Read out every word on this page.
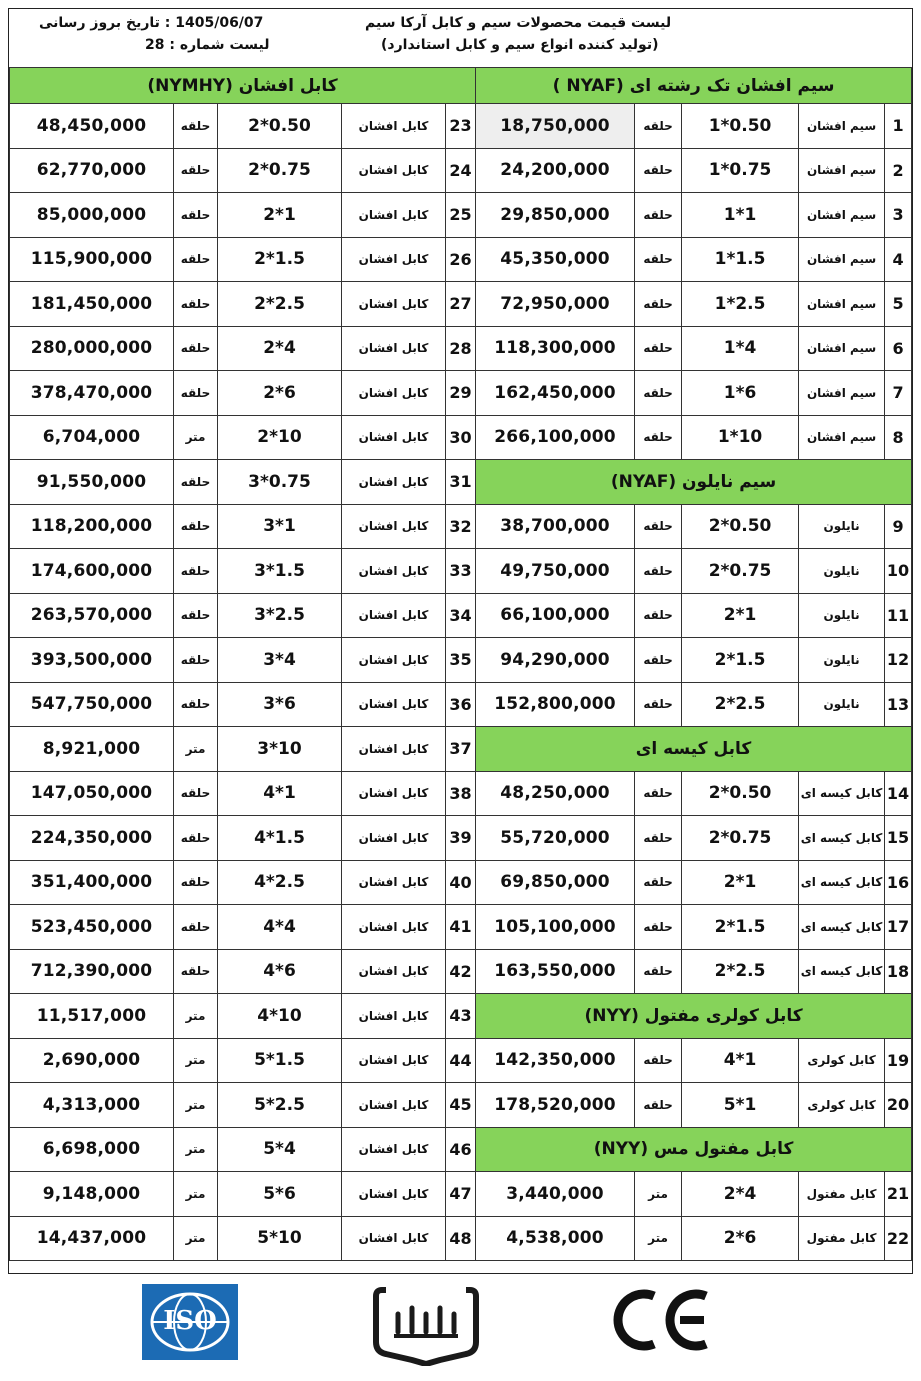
لیست قیمت محصولات سیم و کابل آرکا سیم
(تولید کننده انواع سیم و کابل استاندارد)
1405/06/07 : تاریخ بروز رسانی
لیست شماره : 28
کابل افشان (NYMHY)					سیم افشان تک رشته ای (NYAF )				
48,450,000	حلقه	2*0.50	کابل افشان	23	18,750,000	حلقه	1*0.50	سیم افشان	1
62,770,000	حلقه	2*0.75	کابل افشان	24	24,200,000	حلقه	1*0.75	سیم افشان	2
85,000,000	حلقه	2*1	کابل افشان	25	29,850,000	حلقه	1*1	سیم افشان	3
115,900,000	حلقه	2*1.5	کابل افشان	26	45,350,000	حلقه	1*1.5	سیم افشان	4
181,450,000	حلقه	2*2.5	کابل افشان	27	72,950,000	حلقه	1*2.5	سیم افشان	5
280,000,000	حلقه	2*4	کابل افشان	28	118,300,000	حلقه	1*4	سیم افشان	6
378,470,000	حلقه	2*6	کابل افشان	29	162,450,000	حلقه	1*6	سیم افشان	7
6,704,000	متر	2*10	کابل افشان	30	266,100,000	حلقه	1*10	سیم افشان	8
91,550,000	حلقه	3*0.75	کابل افشان	31	سیم نایلون (NYAF)				
118,200,000	حلقه	3*1	کابل افشان	32	38,700,000	حلقه	2*0.50	نایلون	9
174,600,000	حلقه	3*1.5	کابل افشان	33	49,750,000	حلقه	2*0.75	نایلون	10
263,570,000	حلقه	3*2.5	کابل افشان	34	66,100,000	حلقه	2*1	نایلون	11
393,500,000	حلقه	3*4	کابل افشان	35	94,290,000	حلقه	2*1.5	نایلون	12
547,750,000	حلقه	3*6	کابل افشان	36	152,800,000	حلقه	2*2.5	نایلون	13
8,921,000	متر	3*10	کابل افشان	37	کابل کیسه ای				
147,050,000	حلقه	4*1	کابل افشان	38	48,250,000	حلقه	2*0.50	کابل کیسه ای	14
224,350,000	حلقه	4*1.5	کابل افشان	39	55,720,000	حلقه	2*0.75	کابل کیسه ای	15
351,400,000	حلقه	4*2.5	کابل افشان	40	69,850,000	حلقه	2*1	کابل کیسه ای	16
523,450,000	حلقه	4*4	کابل افشان	41	105,100,000	حلقه	2*1.5	کابل کیسه ای	17
712,390,000	حلقه	4*6	کابل افشان	42	163,550,000	حلقه	2*2.5	کابل کیسه ای	18
11,517,000	متر	4*10	کابل افشان	43	کابل کولری مفتول (NYY)				
2,690,000	متر	5*1.5	کابل افشان	44	142,350,000	حلقه	4*1	کابل کولری	19
4,313,000	متر	5*2.5	کابل افشان	45	178,520,000	حلقه	5*1	کابل کولری	20
6,698,000	متر	5*4	کابل افشان	46	کابل مفتول مس (NYY)				
9,148,000	متر	5*6	کابل افشان	47	3,440,000	متر	2*4	کابل مفتول	21
14,437,000	متر	5*10	کابل افشان	48	4,538,000	متر	2*6	کابل مفتول	22
ISO
